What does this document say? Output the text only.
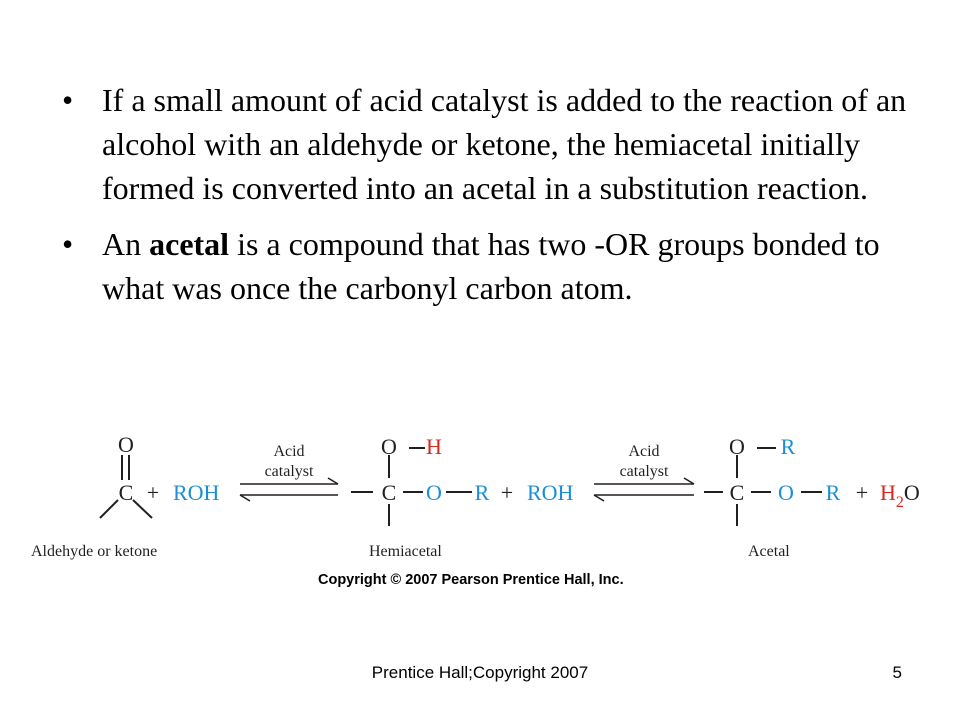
• If a small amount of acid catalyst is added to the reaction of an alcohol with an aldehyde or ketone, the hemiacetal initially formed is converted into an acetal in a substitution reaction.
• An acetal is a compound that has two -OR groups bonded to what was once the carbonyl carbon atom.
O
C + ROH
O H
C O R + ROH
O R
C O $R + H_2O$
Acid
catalyst
Acid
catalyst
Aldehyde or ketone	Hemiacetal	Acetal
Copyright © 2007 Pearson Prentice Hall, Inc.
Prentice Hall;Copyright 2007	5
